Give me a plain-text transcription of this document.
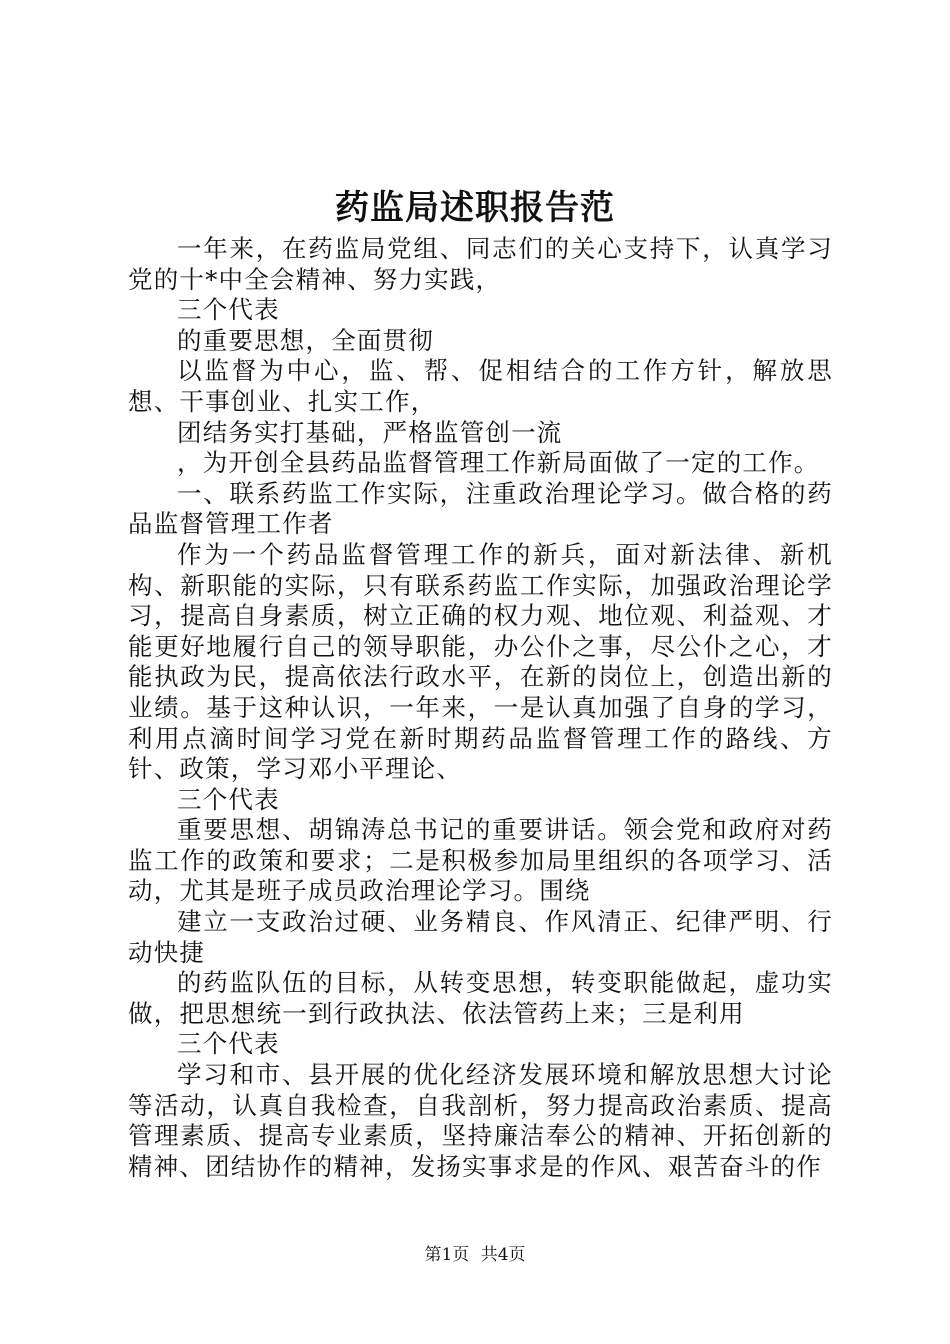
药监局述职报告范

一年来，在药监局党组、同志们的关心支持下，认真学习党的十*中全会精神、努力实践，

三个代表

的重要思想，全面贯彻

以监督为中心，监、帮、促相结合的工作方针，解放思想、干事创业、扎实工作，

团结务实打基础，严格监管创一流

，为开创全县药品监督管理工作新局面做了一定的工作。

一、联系药监工作实际，注重政治理论学习。做合格的药品监督管理工作者

作为一个药品监督管理工作的新兵，面对新法律、新机构、新职能的实际，只有联系药监工作实际，加强政治理论学习，提高自身素质，树立正确的权力观、地位观、利益观、才能更好地履行自己的领导职能，办公仆之事，尽公仆之心，才能执政为民，提高依法行政水平，在新的岗位上，创造出新的业绩。基于这种认识，一年来，一是认真加强了自身的学习，利用点滴时间学习党在新时期药品监督管理工作的路线、方针、政策，学习邓小平理论、

三个代表

重要思想、胡锦涛总书记的重要讲话。领会党和政府对药监工作的政策和要求；二是积极参加局里组织的各项学习、活动，尤其是班子成员政治理论学习。围绕

建立一支政治过硬、业务精良、作风清正、纪律严明、行动快捷

的药监队伍的目标，从转变思想，转变职能做起，虚功实做，把思想统一到行政执法、依法管药上来；三是利用

三个代表

学习和市、县开展的优化经济发展环境和解放思想大讨论等活动，认真自我检查，自我剖析，努力提高政治素质、提高管理素质、提高专业素质，坚持廉洁奉公的精神、开拓创新的精神、团结协作的精神，发扬实事求是的作风、艰苦奋斗的作

第1页 共4页
